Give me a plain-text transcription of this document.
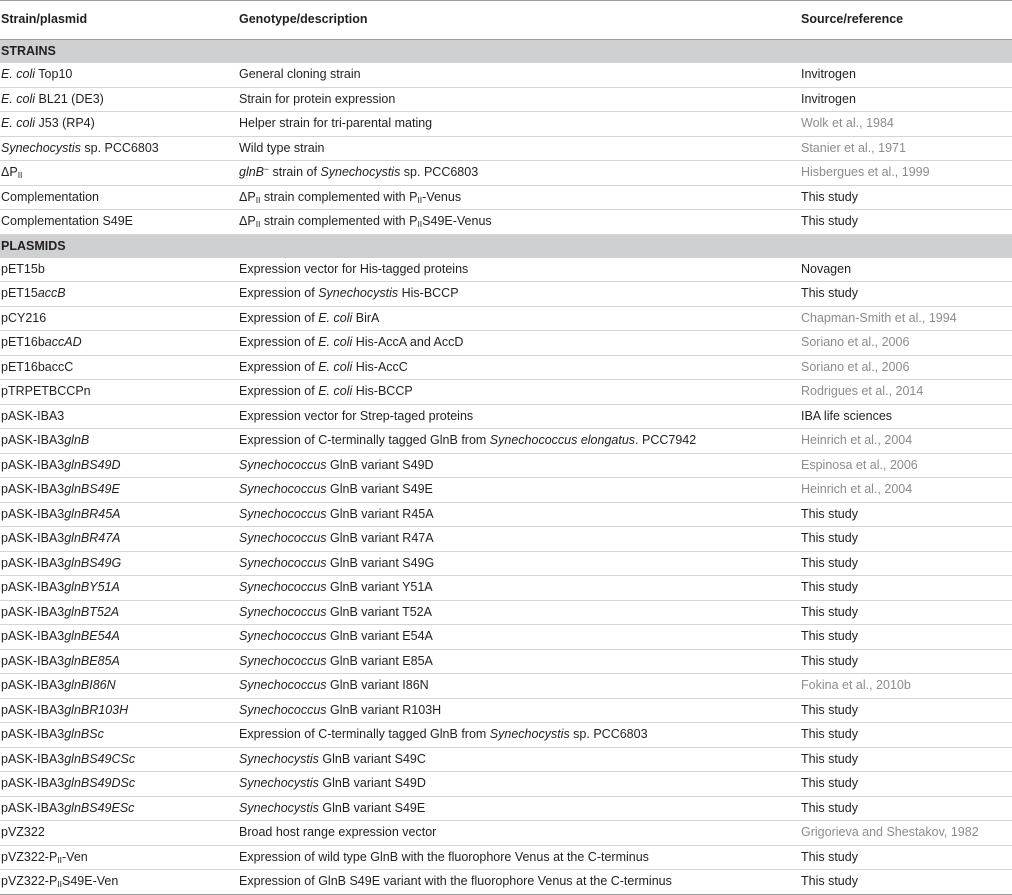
Strain/plasmid	Genotype/description	Source/reference
STRAINS
E. coli Top10	General cloning strain	Invitrogen
E. coli BL21 (DE3)	Strain for protein expression	Invitrogen
E. coli J53 (RP4)	Helper strain for tri-parental mating	Wolk et al., 1984
Synechocystis sp. PCC6803	Wild type strain	Stanier et al., 1971
$\Delta P_{II}$	glnB− strain of Synechocystis sp. PCC6803	Hisbergues et al., 1999
Complementation	$\Delta P_{II}$ strain complemented with $P_{II}$-Venus	This study
Complementation S49E	$\Delta P_{II}$ strain complemented with $P_{II}S49E$-Venus	This study
PLASMIDS
pET15b	Expression vector for His-tagged proteins	Novagen
pET15accB	Expression of Synechocystis His-BCCP	This study
pCY216	Expression of E. coli BirA	Chapman-Smith et al., 1994
pET16baccAD	Expression of E. coli His-AccA and AccD	Soriano et al., 2006
pET16baccC	Expression of E. coli His-AccC	Soriano et al., 2006
pTRPETBCCPn	Expression of E. coli His-BCCP	Rodrigues et al., 2014
pASK-IBA3	Expression vector for Strep-taged proteins	IBA life sciences
pASK-IBA3glnB	Expression of C-terminally tagged GlnB from Synechococcus elongatus. PCC7942	Heinrich et al., 2004
pASK-IBA3glnBS49D	Synechococcus GlnB variant S49D	Espinosa et al., 2006
pASK-IBA3glnBS49E	Synechococcus GlnB variant S49E	Heinrich et al., 2004
pASK-IBA3glnBR45A	Synechococcus GlnB variant R45A	This study
pASK-IBA3glnBR47A	Synechococcus GlnB variant R47A	This study
pASK-IBA3glnBS49G	Synechococcus GlnB variant S49G	This study
pASK-IBA3glnBY51A	Synechococcus GlnB variant Y51A	This study
pASK-IBA3glnBT52A	Synechococcus GlnB variant T52A	This study
pASK-IBA3glnBE54A	Synechococcus GlnB variant E54A	This study
pASK-IBA3glnBE85A	Synechococcus GlnB variant E85A	This study
pASK-IBA3glnBI86N	Synechococcus GlnB variant I86N	Fokina et al., 2010b
pASK-IBA3glnBR103H	Synechococcus GlnB variant R103H	This study
pASK-IBA3glnBSc	Expression of C-terminally tagged GlnB from Synechocystis sp. PCC6803	This study
pASK-IBA3glnBS49CSc	Synechocystis GlnB variant S49C	This study
pASK-IBA3glnBS49DSc	Synechocystis GlnB variant S49D	This study
pASK-IBA3glnBS49ESc	Synechocystis GlnB variant S49E	This study
pVZ322	Broad host range expression vector	Grigorieva and Shestakov, 1982
$pVZ322-P_{II}$-Ven	Expression of wild type GlnB with the fluorophore Venus at the C-terminus	This study
$pVZ322-P_{II}S49E$-Ven	Expression of GlnB S49E variant with the fluorophore Venus at the C-terminus	This study
